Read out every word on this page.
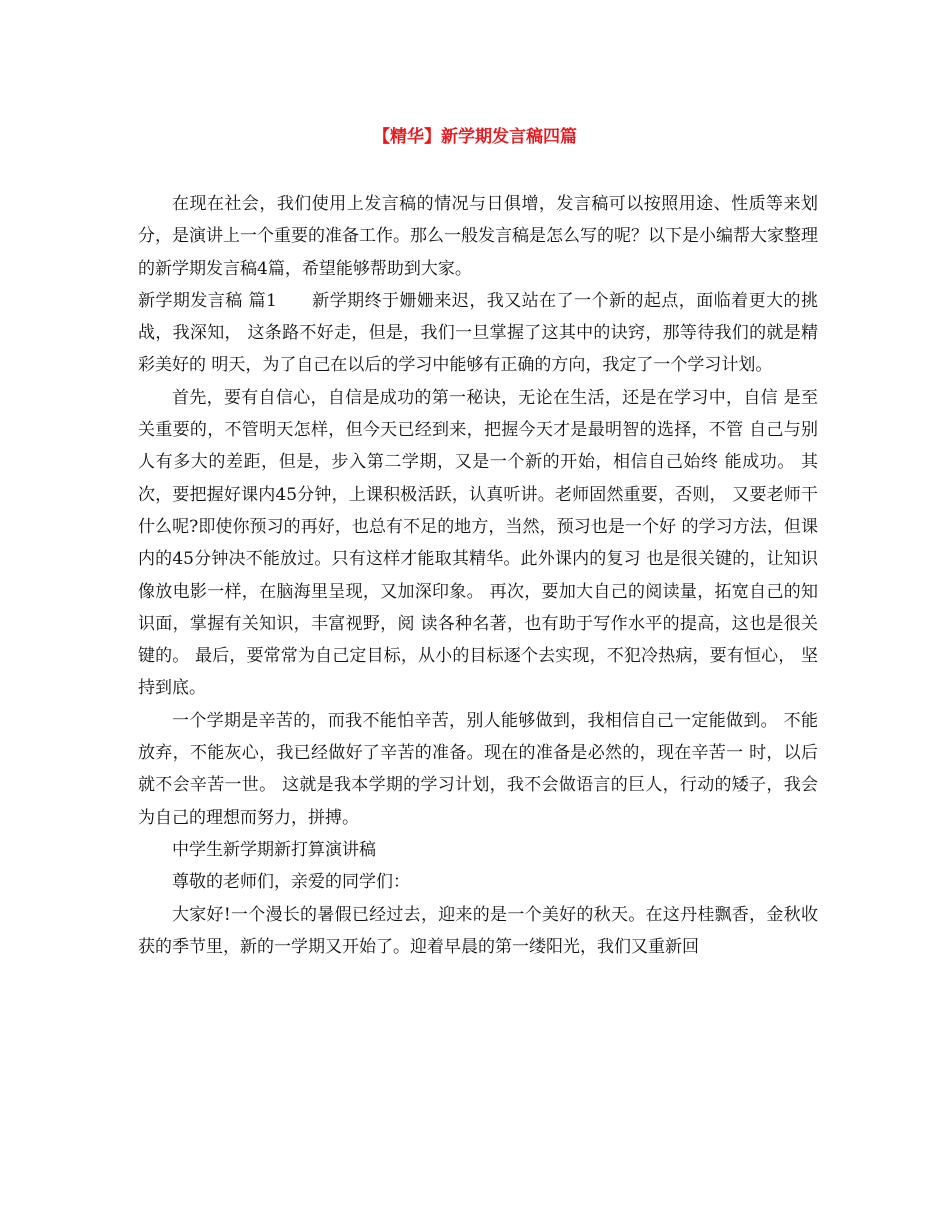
【精华】新学期发言稿四篇

在现在社会，我们使用上发言稿的情况与日俱增，发言稿可以按照用途、性质等来划分，是演讲上一个重要的准备工作。那么一般发言稿是怎么写的呢？以下是小编帮大家整理的新学期发言稿4篇，希望能够帮助到大家。

新学期发言稿 篇1　　新学期终于姗姗来迟，我又站在了一个新的起点，面临着更大的挑战，我深知， 这条路不好走，但是，我们一旦掌握了这其中的诀窍，那等待我们的就是精彩美好的 明天，为了自己在以后的学习中能够有正确的方向，我定了一个学习计划。

首先，要有自信心，自信是成功的第一秘诀，无论在生活，还是在学习中，自信 是至关重要的，不管明天怎样，但今天已经到来，把握今天才是最明智的选择，不管 自己与别人有多大的差距，但是，步入第二学期，又是一个新的开始，相信自己始终 能成功。 其次，要把握好课内45分钟，上课积极活跃，认真听讲。老师固然重要，否则， 又要老师干什么呢?即使你预习的再好，也总有不足的地方，当然，预习也是一个好 的学习方法，但课内的45分钟决不能放过。只有这样才能取其精华。此外课内的复习 也是很关键的，让知识像放电影一样，在脑海里呈现，又加深印象。 再次，要加大自己的阅读量，拓宽自己的知识面，掌握有关知识，丰富视野，阅 读各种名著，也有助于写作水平的提高，这也是很关键的。 最后，要常常为自己定目标，从小的目标逐个去实现，不犯冷热病，要有恒心， 坚持到底。

一个学期是辛苦的，而我不能怕辛苦，别人能够做到，我相信自己一定能做到。 不能放弃，不能灰心，我已经做好了辛苦的准备。现在的准备是必然的，现在辛苦一 时，以后就不会辛苦一世。 这就是我本学期的学习计划，我不会做语言的巨人，行动的矮子，我会为自己的理想而努力，拼搏。

中学生新学期新打算演讲稿

尊敬的老师们，亲爱的同学们：

大家好!一个漫长的暑假已经过去，迎来的是一个美好的秋天。在这丹桂飘香，金秋收获的季节里，新的一学期又开始了。迎着早晨的第一缕阳光，我们又重新回
